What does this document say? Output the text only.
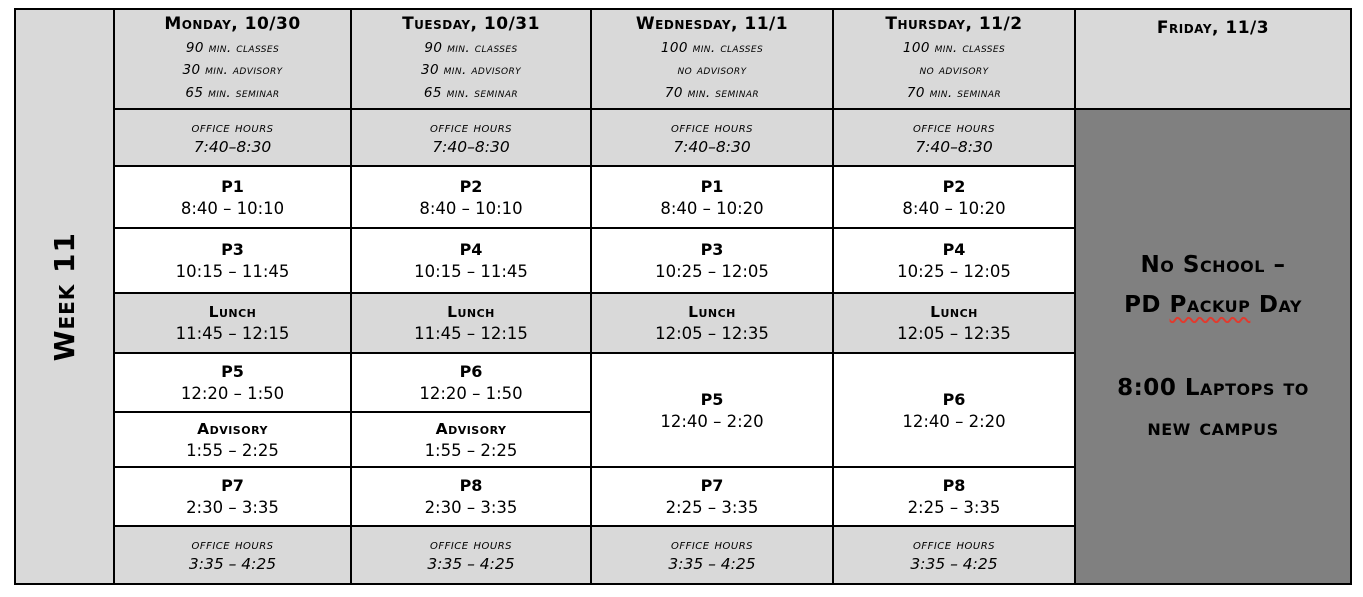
Week 11
Monday, 10/30
90 min. classes
30 min. advisory
65 min. seminar
office hours
7:40–8:30
P1
8:40 – 10:10
P3
10:15 – 11:45
Lunch
11:45 – 12:15
P5
12:20 – 1:50
Advisory
1:55 – 2:25
P7
2:30 – 3:35
office hours
3:35 – 4:25
Tuesday, 10/31
90 min. classes
30 min. advisory
65 min. seminar
office hours
7:40–8:30
P2
8:40 – 10:10
P4
10:15 – 11:45
Lunch
11:45 – 12:15
P6
12:20 – 1:50
Advisory
1:55 – 2:25
P8
2:30 – 3:35
office hours
3:35 – 4:25
Wednesday, 11/1
100 min. classes
no advisory
70 min. seminar
office hours
7:40–8:30
P1
8:40 – 10:20
P3
10:25 – 12:05
Lunch
12:05 – 12:35
P5
12:40 – 2:20
P7
2:25 – 3:35
office hours
3:35 – 4:25
Thursday, 11/2
100 min. classes
no advisory
70 min. seminar
office hours
7:40–8:30
P2
8:40 – 10:20
P4
10:25 – 12:05
Lunch
12:05 – 12:35
P6
12:40 – 2:20
P8
2:25 – 3:35
office hours
3:35 – 4:25
Friday, 11/3
No School –
PD Packup Day
8:00 Laptops to
new campus
